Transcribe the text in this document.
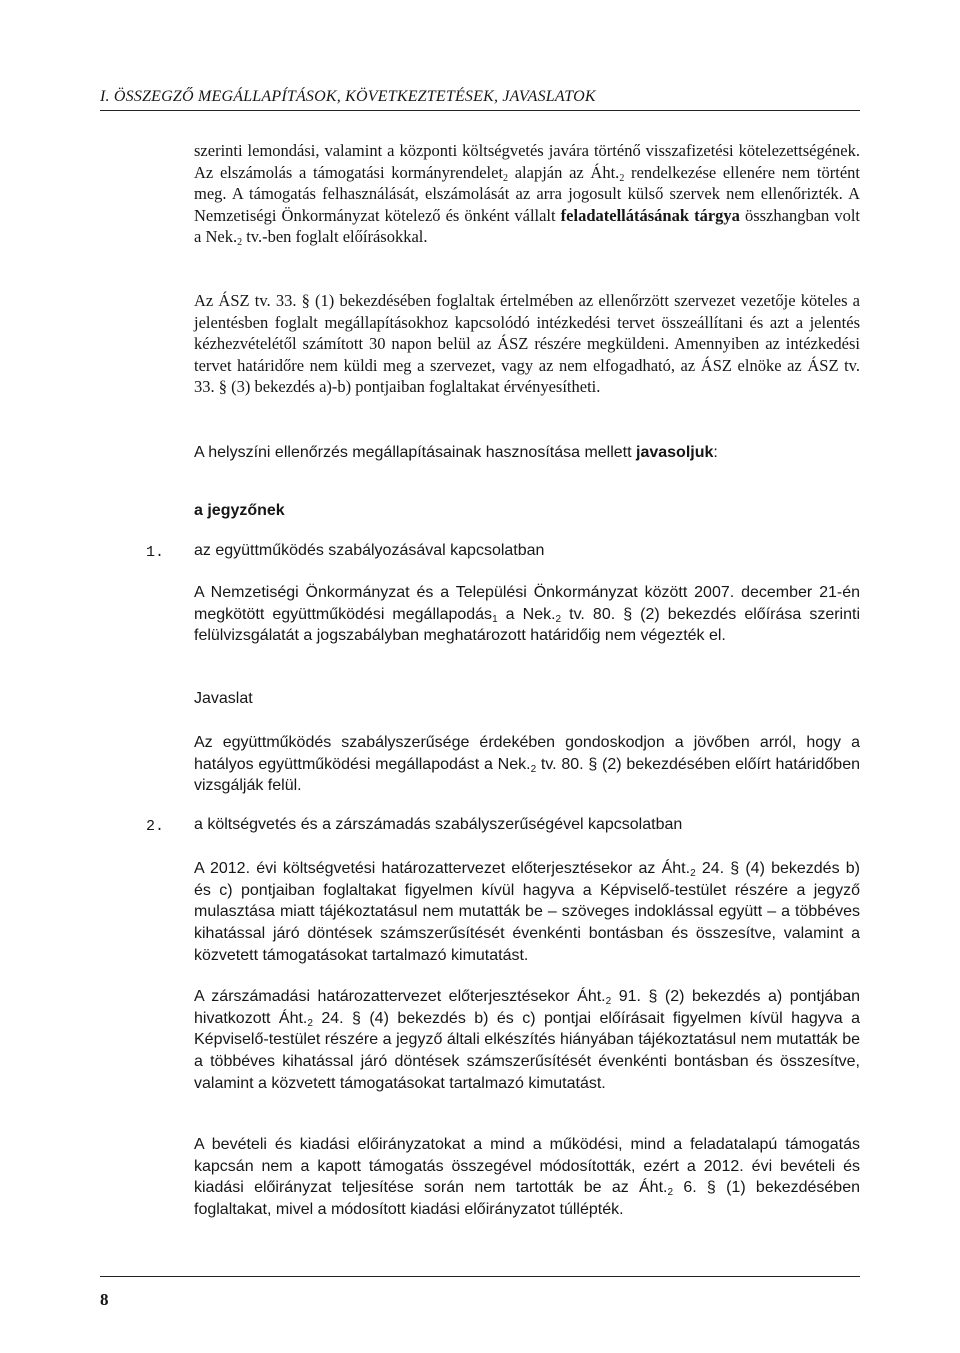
I. ÖSSZEGZŐ MEGÁLLAPÍTÁSOK, KÖVETKEZTETÉSEK, JAVASLATOK

szerinti lemondási, valamint a központi költségvetés javára történő visszafizetési kötelezettségének. Az elszámolás a támogatási kormányrendelet$_2$ alapján az $Áht._2$ rendelkezése ellenére nem történt meg. A támogatás felhasználását, elszámolását az arra jogosult külső szervek nem ellenőrizték. A Nemzetiségi Önkormányzat kötelező és önként vállalt feladatellátásának tárgya összhangban volt a $Nek._2$ tv.-ben foglalt előírásokkal.

Az ÁSZ tv. 33. § (1) bekezdésében foglaltak értelmében az ellenőrzött szervezet vezetője köteles a jelentésben foglalt megállapításokhoz kapcsolódó intézkedési tervet összeállítani és azt a jelentés kézhezvételétől számított 30 napon belül az ÁSZ részére megküldeni. Amennyiben az intézkedési tervet határidőre nem küldi meg a szervezet, vagy az nem elfogadható, az ÁSZ elnöke az ÁSZ tv. 33. § (3) bekezdés a)-b) pontjaiban foglaltakat érvényesítheti.

A helyszíni ellenőrzés megállapításainak hasznosítása mellett javasoljuk:

a jegyzőnek
1. az együttműködés szabályozásával kapcsolatban

A Nemzetiségi Önkormányzat és a Települési Önkormányzat között 2007. december 21-én megkötött együttműködési megállapodás$_1$ a $Nek._2$ tv. 80. § (2) bekezdés előírása szerinti felülvizsgálatát a jogszabályban meghatározott határidőig nem végezték el.

Javaslat

Az együttműködés szabályszerűsége érdekében gondoskodjon a jövőben arról, hogy a hatályos együttműködési megállapodást a $Nek._2$ tv. 80. § (2) bekezdésében előírt határidőben vizsgálják felül.

2. a költségvetés és a zárszámadás szabályszerűségével kapcsolatban

A 2012. évi költségvetési határozattervezet előterjesztésekor az $Áht._2$ 24. § (4) bekezdés b) és c) pontjaiban foglaltakat figyelmen kívül hagyva a Képviselő-testület részére a jegyző mulasztása miatt tájékoztatásul nem mutatták be – szöveges indoklással együtt – a többéves kihatással járó döntések számszerűsítését évenkénti bontásban és összesítve, valamint a közvetett támogatásokat tartalmazó kimutatást.

A zárszámadási határozattervezet előterjesztésekor $Áht._2$ 91. § (2) bekezdés a) pontjában hivatkozott $Áht._2$ 24. § (4) bekezdés b) és c) pontjai előírásait figyelmen kívül hagyva a Képviselő-testület részére a jegyző általi elkészítés hiányában tájékoztatásul nem mutatták be a többéves kihatással járó döntések számszerűsítését évenkénti bontásban és összesítve, valamint a közvetett támogatásokat tartalmazó kimutatást.

A bevételi és kiadási előirányzatokat a mind a működési, mind a feladatalapú támogatás kapcsán nem a kapott támogatás összegével módosították, ezért a 2012. évi bevételi és kiadási előirányzat teljesítése során nem tartották be az $Áht._2$ 6. § (1) bekezdésében foglaltakat, mivel a módosított kiadási előirányzatot túllépték.

8
